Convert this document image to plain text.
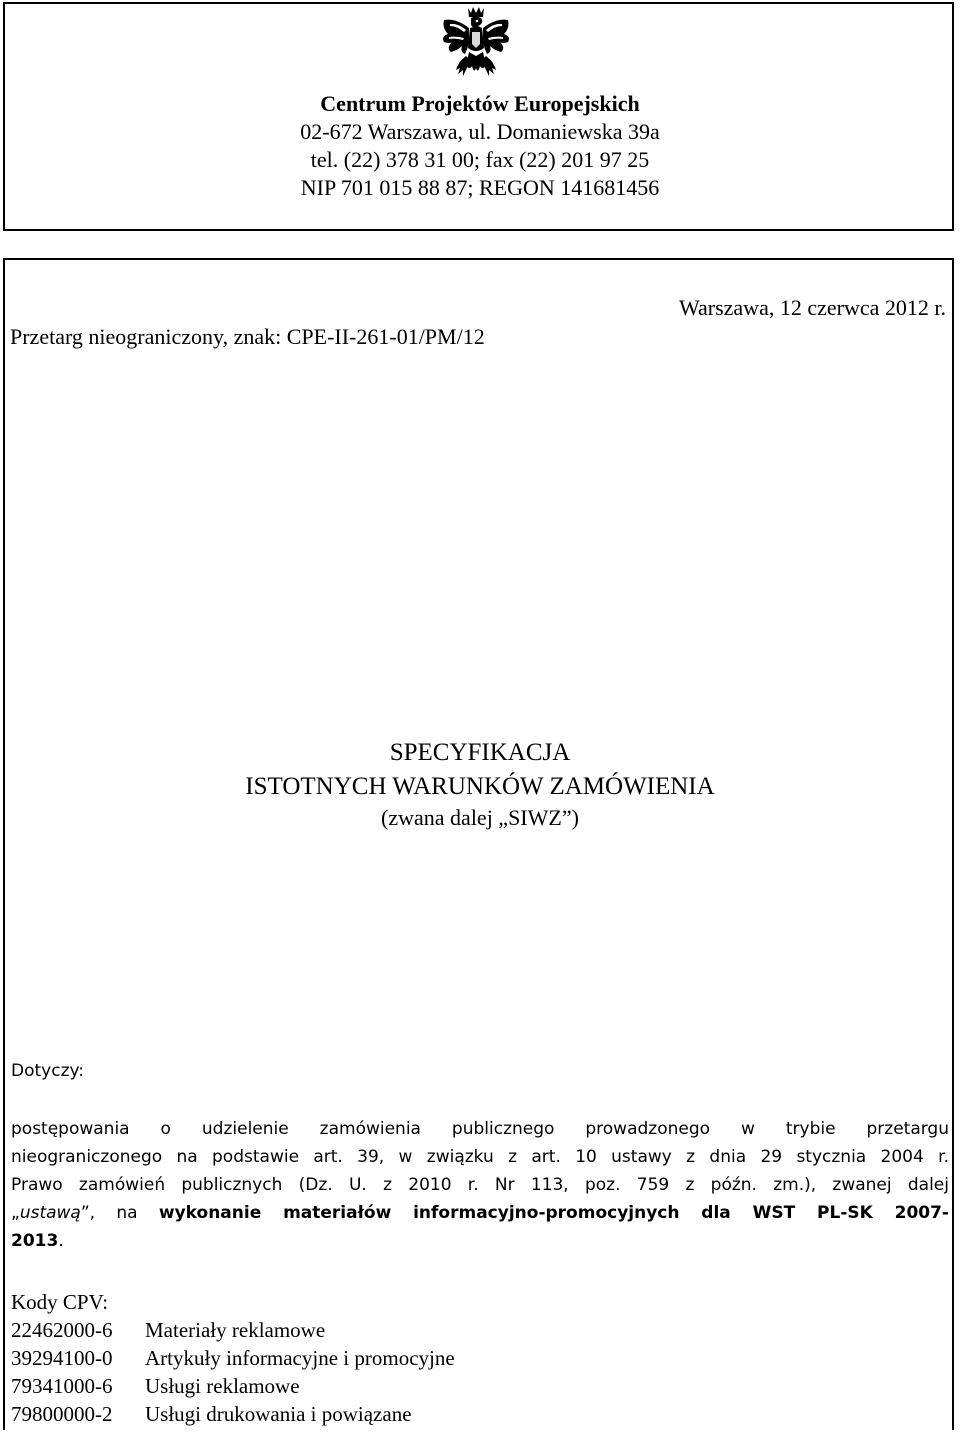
Centrum Projektów Europejskich
02-672 Warszawa, ul. Domaniewska 39a
tel. (22) 378 31 00; fax (22) 201 97 25
NIP 701 015 88 87; REGON 141681456
Warszawa, 12 czerwca 2012 r.
Przetarg nieograniczony, znak: CPE-II-261-01/PM/12
SPECYFIKACJA
ISTOTNYCH WARUNKÓW ZAMÓWIENIA
(zwana dalej „SIWZ”)
Dotyczy:
postępowania o udzielenie zamówienia publicznego prowadzonego w trybie przetargu
nieograniczonego na podstawie art. 39, w związku z art. 10 ustawy z dnia 29 stycznia 2004 r.
Prawo zamówień publicznych (Dz. U. z 2010 r. Nr 113, poz. 759 z późn. zm.), zwanej dalej
„ustawą”, na wykonanie materiałów informacyjno-promocyjnych dla WST PL-SK 2007-
2013.
Kody CPV:
22462000-6 Materiały reklamowe
39294100-0 Artykuły informacyjne i promocyjne
79341000-6 Usługi reklamowe
79800000-2 Usługi drukowania i powiązane
